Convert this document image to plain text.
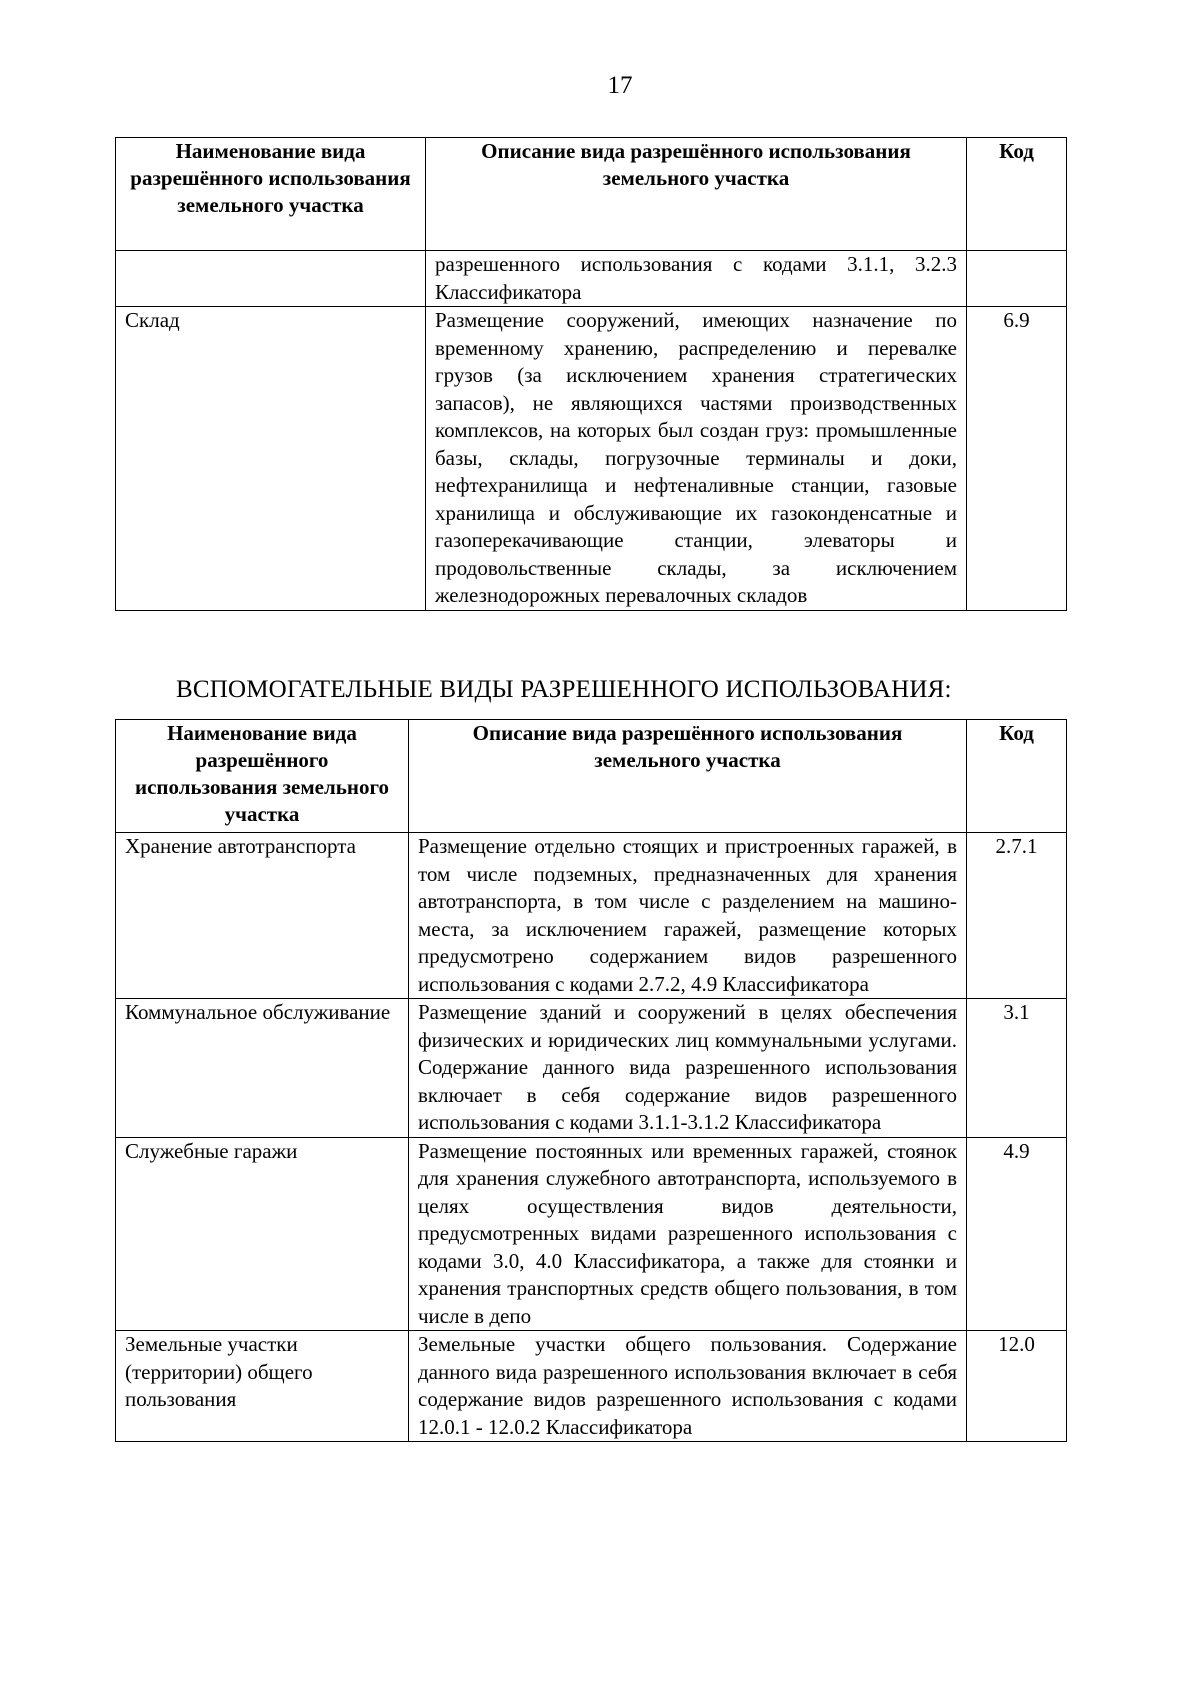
17
Наименование вида разрешённого использования земельного участка	Описание вида разрешённого использования земельного участка	Код
	разрешенного использования с кодами 3.1.1, 3.2.3 Классификатора	
Склад	Размещение сооружений, имеющих назначение по временному хранению, распределению и перевалке грузов (за исключением хранения стратегических запасов), не являющихся частями производственных комплексов, на которых был создан груз: промышленные базы, склады, погрузочные терминалы и доки, нефтехранилища и нефтеналивные станции, газовые хранилища и обслуживающие их газоконденсатные и газоперекачивающие станции, элеваторы и продовольственные склады, за исключением железнодорожных перевалочных складов	6.9
ВСПОМОГАТЕЛЬНЫЕ ВИДЫ РАЗРЕШЕННОГО ИСПОЛЬЗОВАНИЯ:
Наименование вида разрешённого использования земельного участка	Описание вида разрешённого использования земельного участка	Код
Хранение автотранспорта	Размещение отдельно стоящих и пристроенных гаражей, в том числе подземных, предназначенных для хранения автотранспорта, в том числе с разделением на машино-места, за исключением гаражей, размещение которых предусмотрено содержанием видов разрешенного использования с кодами 2.7.2, 4.9 Классификатора	2.7.1
Коммунальное обслуживание	Размещение зданий и сооружений в целях обеспечения физических и юридических лиц коммунальными услугами. Содержание данного вида разрешенного использования включает в себя содержание видов разрешенного использования с кодами 3.1.1-3.1.2 Классификатора	3.1
Служебные гаражи	Размещение постоянных или временных гаражей, стоянок для хранения служебного автотранспорта, используемого в целях осуществления видов деятельности, предусмотренных видами разрешенного использования с кодами 3.0, 4.0 Классификатора, а также для стоянки и хранения транспортных средств общего пользования, в том числе в депо	4.9
Земельные участки (территории) общего пользования	Земельные участки общего пользования. Содержание данного вида разрешенного использования включает в себя содержание видов разрешенного использования с кодами 12.0.1 - 12.0.2 Классификатора	12.0
